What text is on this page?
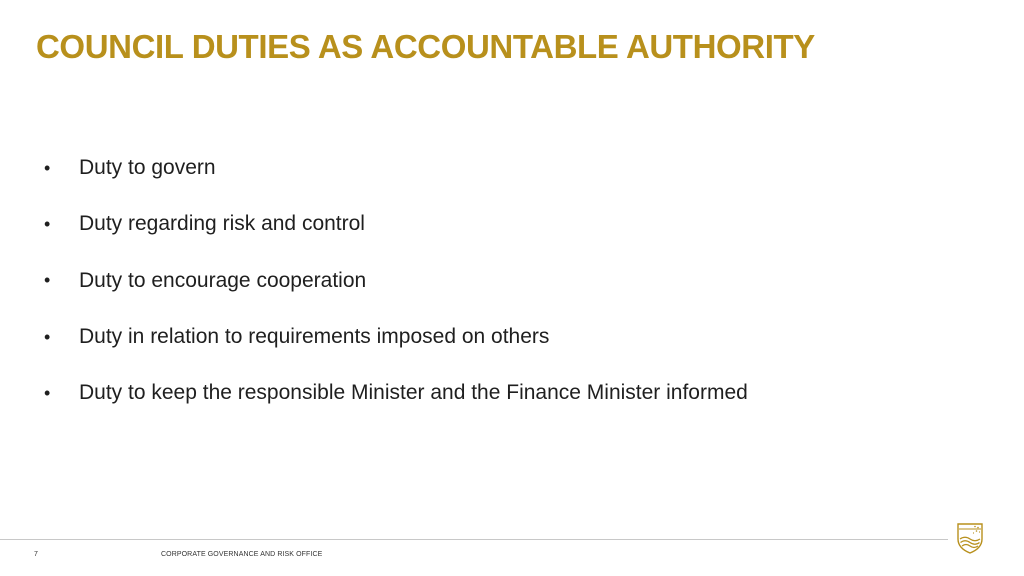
COUNCIL DUTIES AS ACCOUNTABLE AUTHORITY
•	Duty to govern
•	Duty regarding risk and control
•	Duty to encourage cooperation
•	Duty in relation to requirements imposed on others
•	Duty to keep the responsible Minister and the Finance Minister informed
7	CORPORATE GOVERNANCE AND RISK OFFICE
